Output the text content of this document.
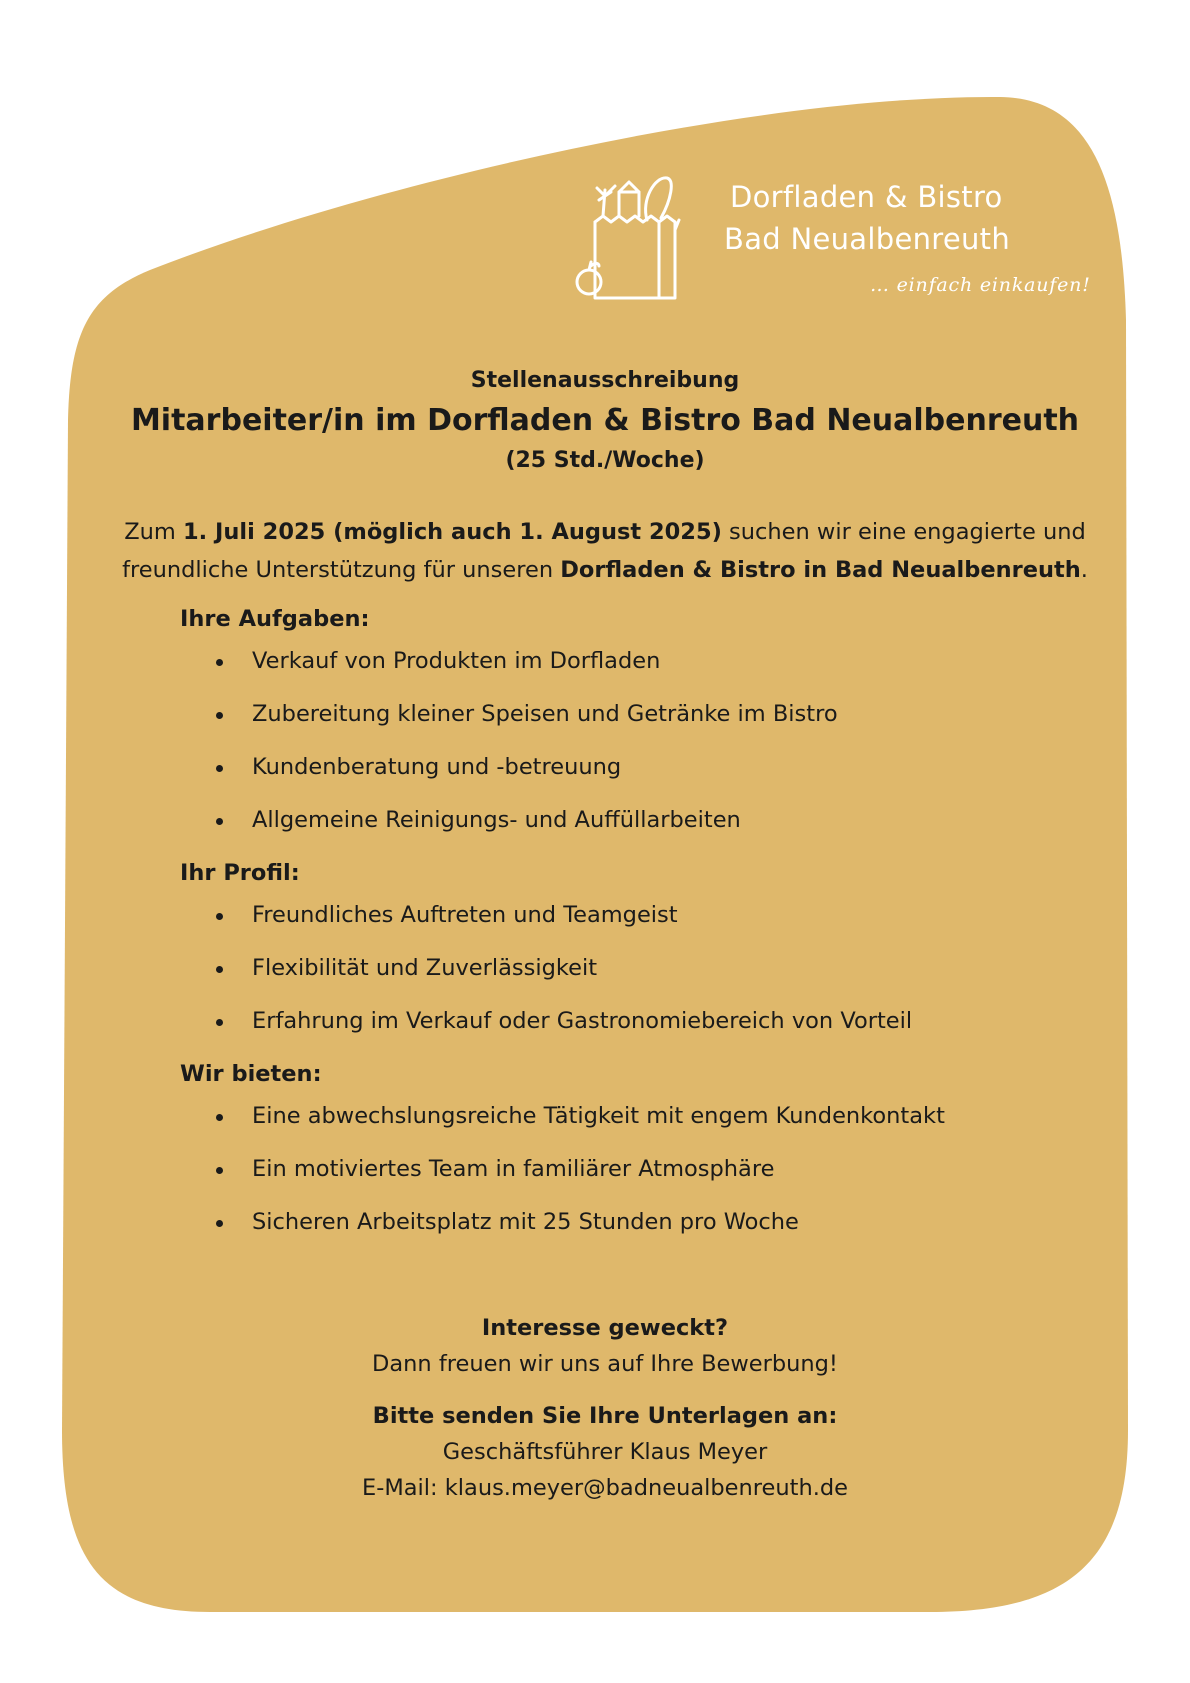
Dorfladen & Bistro
Bad Neualbenreuth
… einfach einkaufen!
Stellenausschreibung
Mitarbeiter/in im Dorfladen & Bistro Bad Neualbenreuth
(25 Std./Woche)
Zum 1. Juli 2025 (möglich auch 1. August 2025) suchen wir eine engagierte und freundliche Unterstützung für unseren Dorfladen & Bistro in Bad Neualbenreuth.
Ihre Aufgaben:
Verkauf von Produkten im Dorfladen
Zubereitung kleiner Speisen und Getränke im Bistro
Kundenberatung und -betreuung
Allgemeine Reinigungs- und Auffüllarbeiten
Ihr Profil:
Freundliches Auftreten und Teamgeist
Flexibilität und Zuverlässigkeit
Erfahrung im Verkauf oder Gastronomiebereich von Vorteil
Wir bieten:
Eine abwechslungsreiche Tätigkeit mit engem Kundenkontakt
Ein motiviertes Team in familiärer Atmosphäre
Sicheren Arbeitsplatz mit 25 Stunden pro Woche
Interesse geweckt?
Dann freuen wir uns auf Ihre Bewerbung!
Bitte senden Sie Ihre Unterlagen an:
Geschäftsführer Klaus Meyer
E-Mail: klaus.meyer@badneualbenreuth.de
